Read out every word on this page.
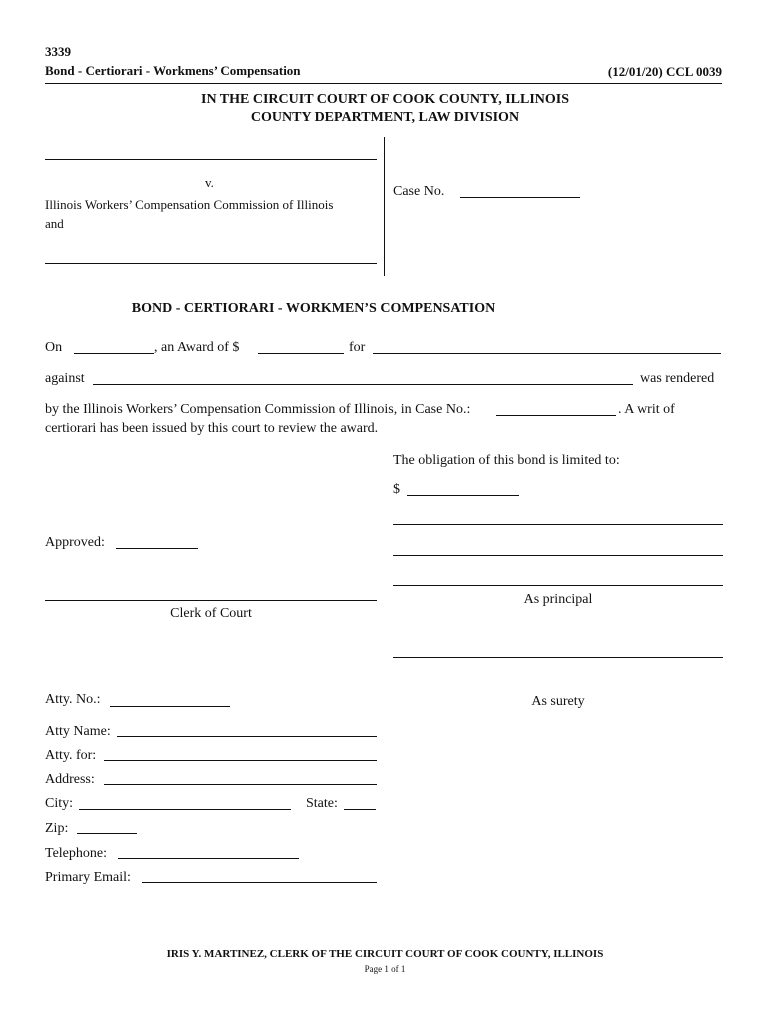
3339
Bond - Certiorari - Workmens’ Compensation	(12/01/20) CCL 0039
IN THE CIRCUIT COURT OF COOK COUNTY, ILLINOIS
COUNTY DEPARTMENT, LAW DIVISION
v.
Illinois Workers’ Compensation Commission of Illinois
and
Case No.
BOND - CERTIORARI - WORKMEN’S COMPENSATION
On	, an Award of $	for
against	was rendered
by the Illinois Workers’ Compensation Commission of Illinois, in Case No.:	. A writ of
certiorari has been issued by this court to review the award.
The obligation of this bond is limited to:
$
As principal
As surety
Approved:
Clerk of Court
Atty. No.:
Atty Name:
Atty. for:
Address:
City:	State:
Zip:
Telephone:
Primary Email:
IRIS Y. MARTINEZ, CLERK OF THE CIRCUIT COURT OF COOK COUNTY, ILLINOIS
Page 1 of 1
